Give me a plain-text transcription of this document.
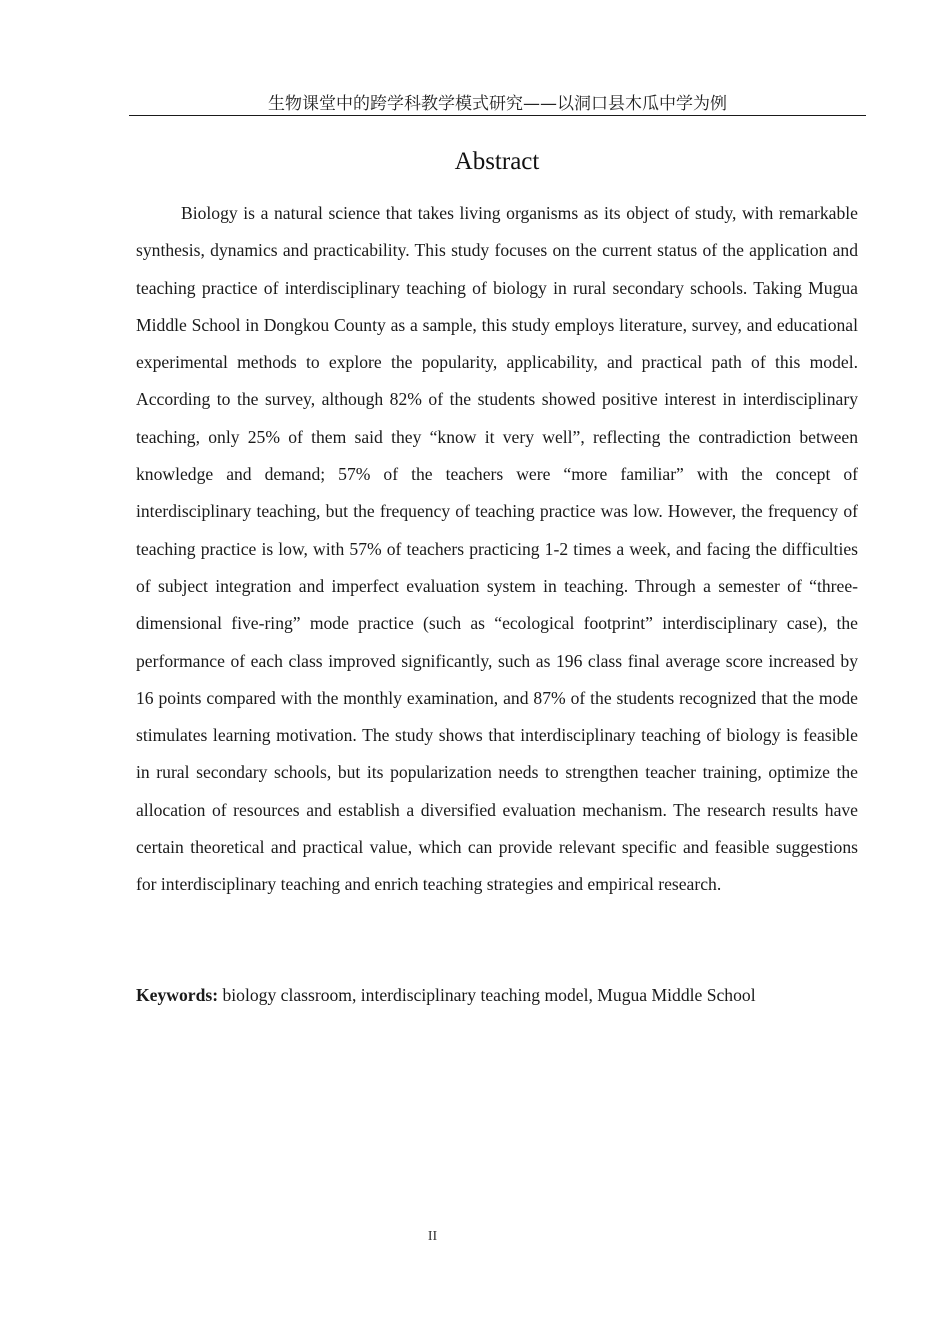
生物课堂中的跨学科教学模式研究——以洞口县木瓜中学为例
Abstract

Biology is a natural science that takes living organisms as its object of study, with remarkable synthesis, dynamics and practicability. This study focuses on the current status of the application and teaching practice of interdisciplinary teaching of biology in rural secondary schools. Taking Mugua Middle School in Dongkou County as a sample, this study employs literature, survey, and educational experimental methods to explore the popularity, applicability, and practical path of this model. According to the survey, although 82% of the students showed positive interest in interdisciplinary teaching, only 25% of them said they “know it very well”, reflecting the contradiction between knowledge and demand; 57% of the teachers were “more familiar” with the concept of interdisciplinary teaching, but the frequency of teaching practice was low. However, the frequency of teaching practice is low, with 57% of teachers practicing 1-2 times a week, and facing the difficulties of subject integration and imperfect evaluation system in teaching. Through a semester of “three-dimensional five-ring” mode practice (such as “ecological footprint” interdisciplinary case), the performance of each class improved significantly, such as 196 class final average score increased by 16 points compared with the monthly examination, and 87% of the students recognized that the mode stimulates learning motivation. The study shows that interdisciplinary teaching of biology is feasible in rural secondary schools, but its popularization needs to strengthen teacher training, optimize the allocation of resources and establish a diversified evaluation mechanism. The research results have certain theoretical and practical value, which can provide relevant specific and feasible suggestions for interdisciplinary teaching and enrich teaching strategies and empirical research.

Keywords: biology classroom, interdisciplinary teaching model, Mugua Middle School

II
